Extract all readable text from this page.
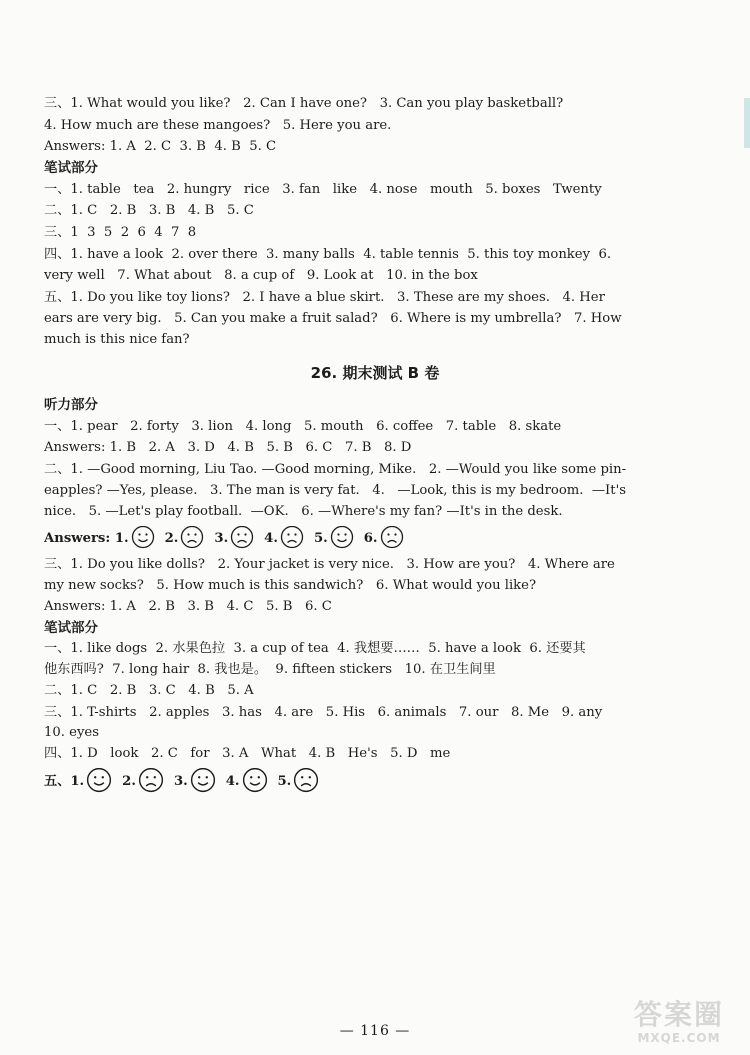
三、1. What would you like?   2. Can I have one?   3. Can you play basketball?
4. How much are these mangoes?   5. Here you are.
Answers: 1. A  2. C  3. B  4. B  5. C
笔试部分
一、1. table   tea   2. hungry   rice   3. fan   like   4. nose   mouth   5. boxes   Twenty
二、1. C   2. B   3. B   4. B   5. C
三、1  3  5  2  6  4  7  8
四、1. have a look  2. over there  3. many balls  4. table tennis  5. this toy monkey  6.
very well   7. What about   8. a cup of   9. Look at   10. in the box
五、1. Do you like toy lions?   2. I have a blue skirt.   3. These are my shoes.   4. Her
ears are very big.   5. Can you make a fruit salad?   6. Where is my umbrella?   7. How
much is this nice fan?
26. 期末测试 B 卷
听力部分
一、1. pear   2. forty   3. lion   4. long   5. mouth   6. coffee   7. table   8. skate
Answers: 1. B   2. A   3. D   4. B   5. B   6. C   7. B   8. D
二、1. —Good morning, Liu Tao. —Good morning, Mike.   2. —Would you like some pin-
eapples? —Yes, please.   3. The man is very fat.   4.   —Look, this is my bedroom.  —It's
nice.   5. —Let's play football.  —OK.   6. —Where's my fan? —It's in the desk.
Answers: 1.	2.	3.	4.	5.	6.
三、1. Do you like dolls?   2. Your jacket is very nice.   3. How are you?   4. Where are
my new socks?   5. How much is this sandwich?   6. What would you like?
Answers: 1. A   2. B   3. B   4. C   5. B   6. C
笔试部分
一、1. like dogs  2. 水果色拉  3. a cup of tea  4. 我想要……  5. have a look  6. 还要其
他东西吗?  7. long hair  8. 我也是。  9. fifteen stickers   10. 在卫生间里
二、1. C   2. B   3. C   4. B   5. A
三、1. T-shirts   2. apples   3. has   4. are   5. His   6. animals   7. our   8. Me   9. any
10. eyes
四、1. D   look   2. C   for   3. A   What   4. B   He's   5. D   me
五、1.	2.	3.	4.	5.
— 116 —	答案圈
MXQE.COM
